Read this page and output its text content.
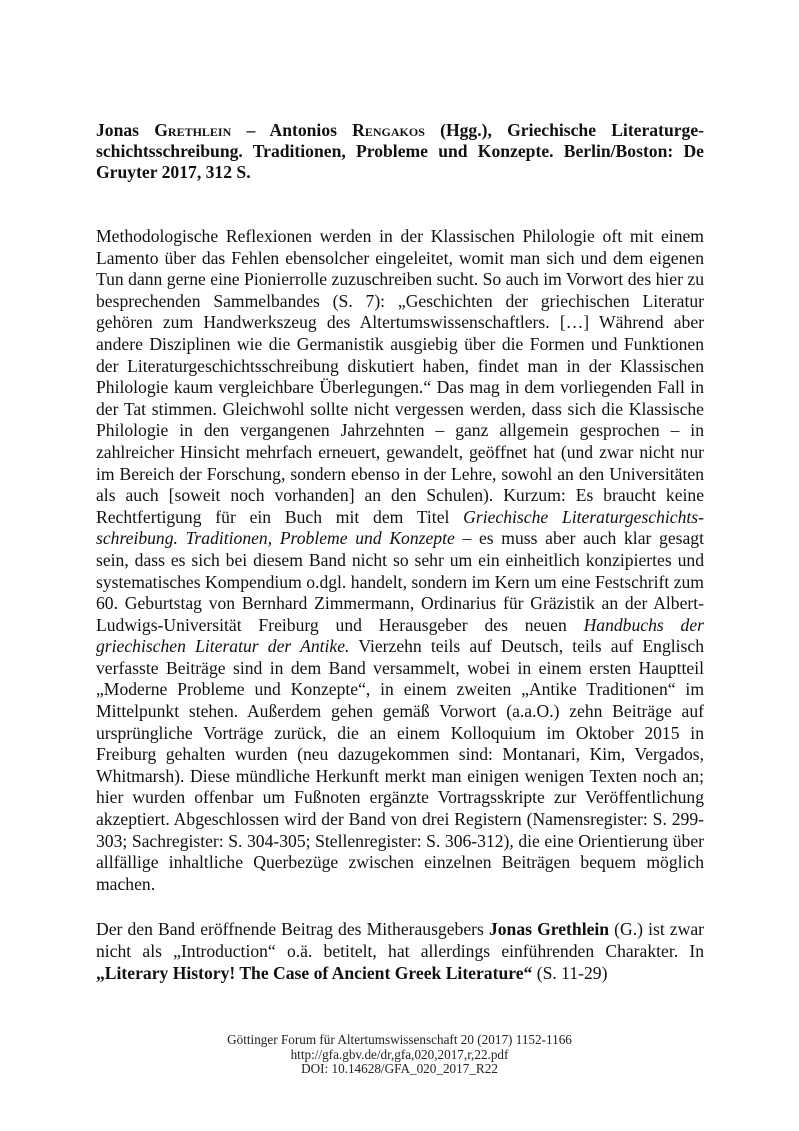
Jonas Grethlein – Antonios Rengakos (Hgg.), Griechische Literaturgeschichtsschreibung. Traditionen, Probleme und Konzepte. Berlin/Boston: De Gruyter 2017, 312 S.

Methodologische Reflexionen werden in der Klassischen Philologie oft mit einem Lamento über das Fehlen ebensolcher eingeleitet, womit man sich und dem eigenen Tun dann gerne eine Pionierrolle zuzuschreiben sucht. So auch im Vorwort des hier zu besprechenden Sammelbandes (S. 7): „Geschichten der griechischen Literatur gehören zum Handwerkszeug des Altertumswissenschaftlers. […] Während aber andere Disziplinen wie die Germanistik ausgiebig über die Formen und Funktionen der Literaturgeschichtsschreibung diskutiert haben, findet man in der Klassischen Philologie kaum vergleichbare Überlegungen.“ Das mag in dem vorliegenden Fall in der Tat stimmen. Gleichwohl sollte nicht vergessen werden, dass sich die Klassische Philologie in den vergangenen Jahrzehnten – ganz allgemein gesprochen – in zahlreicher Hinsicht mehrfach erneuert, gewandelt, geöffnet hat (und zwar nicht nur im Bereich der Forschung, sondern ebenso in der Lehre, sowohl an den Universitäten als auch [soweit noch vorhanden] an den Schulen). Kurzum: Es braucht keine Rechtfertigung für ein Buch mit dem Titel Griechische Literaturgeschichtsschreibung. Traditionen, Probleme und Konzepte – es muss aber auch klar gesagt sein, dass es sich bei diesem Band nicht so sehr um ein einheitlich konzipiertes und systematisches Kompendium o.dgl. handelt, sondern im Kern um eine Festschrift zum 60. Geburtstag von Bernhard Zimmermann, Ordinarius für Gräzistik an der Albert-Ludwigs-Universität Freiburg und Herausgeber des neuen Handbuchs der griechischen Literatur der Antike. Vierzehn teils auf Deutsch, teils auf Englisch verfasste Beiträge sind in dem Band versammelt, wobei in einem ersten Hauptteil „Moderne Probleme und Konzepte“, in einem zweiten „Antike Traditionen“ im Mittelpunkt stehen. Außerdem gehen gemäß Vorwort (a.a.O.) zehn Beiträge auf ursprüngliche Vorträge zurück, die an einem Kolloquium im Oktober 2015 in Freiburg gehalten wurden (neu dazugekommen sind: Montanari, Kim, Vergados, Whitmarsh). Diese mündliche Herkunft merkt man einigen wenigen Texten noch an; hier wurden offenbar um Fußnoten ergänzte Vortragsskripte zur Veröffentlichung akzeptiert. Abgeschlossen wird der Band von drei Registern (Namensregister: S. 299-303; Sachregister: S. 304-305; Stellenregister: S. 306-312), die eine Orientierung über allfällige inhaltliche Querbezüge zwischen einzelnen Beiträgen bequem möglich machen.

Der den Band eröffnende Beitrag des Mitherausgebers Jonas Grethlein (G.) ist zwar nicht als „Introduction“ o.ä. betitelt, hat allerdings einführenden Charakter. In „Literary History! The Case of Ancient Greek Literature“ (S. 11-29)

Göttinger Forum für Altertumswissenschaft 20 (2017) 1152-1166
http://gfa.gbv.de/dr,gfa,020,2017,r,22.pdf
DOI: 10.14628/GFA_020_2017_R22
